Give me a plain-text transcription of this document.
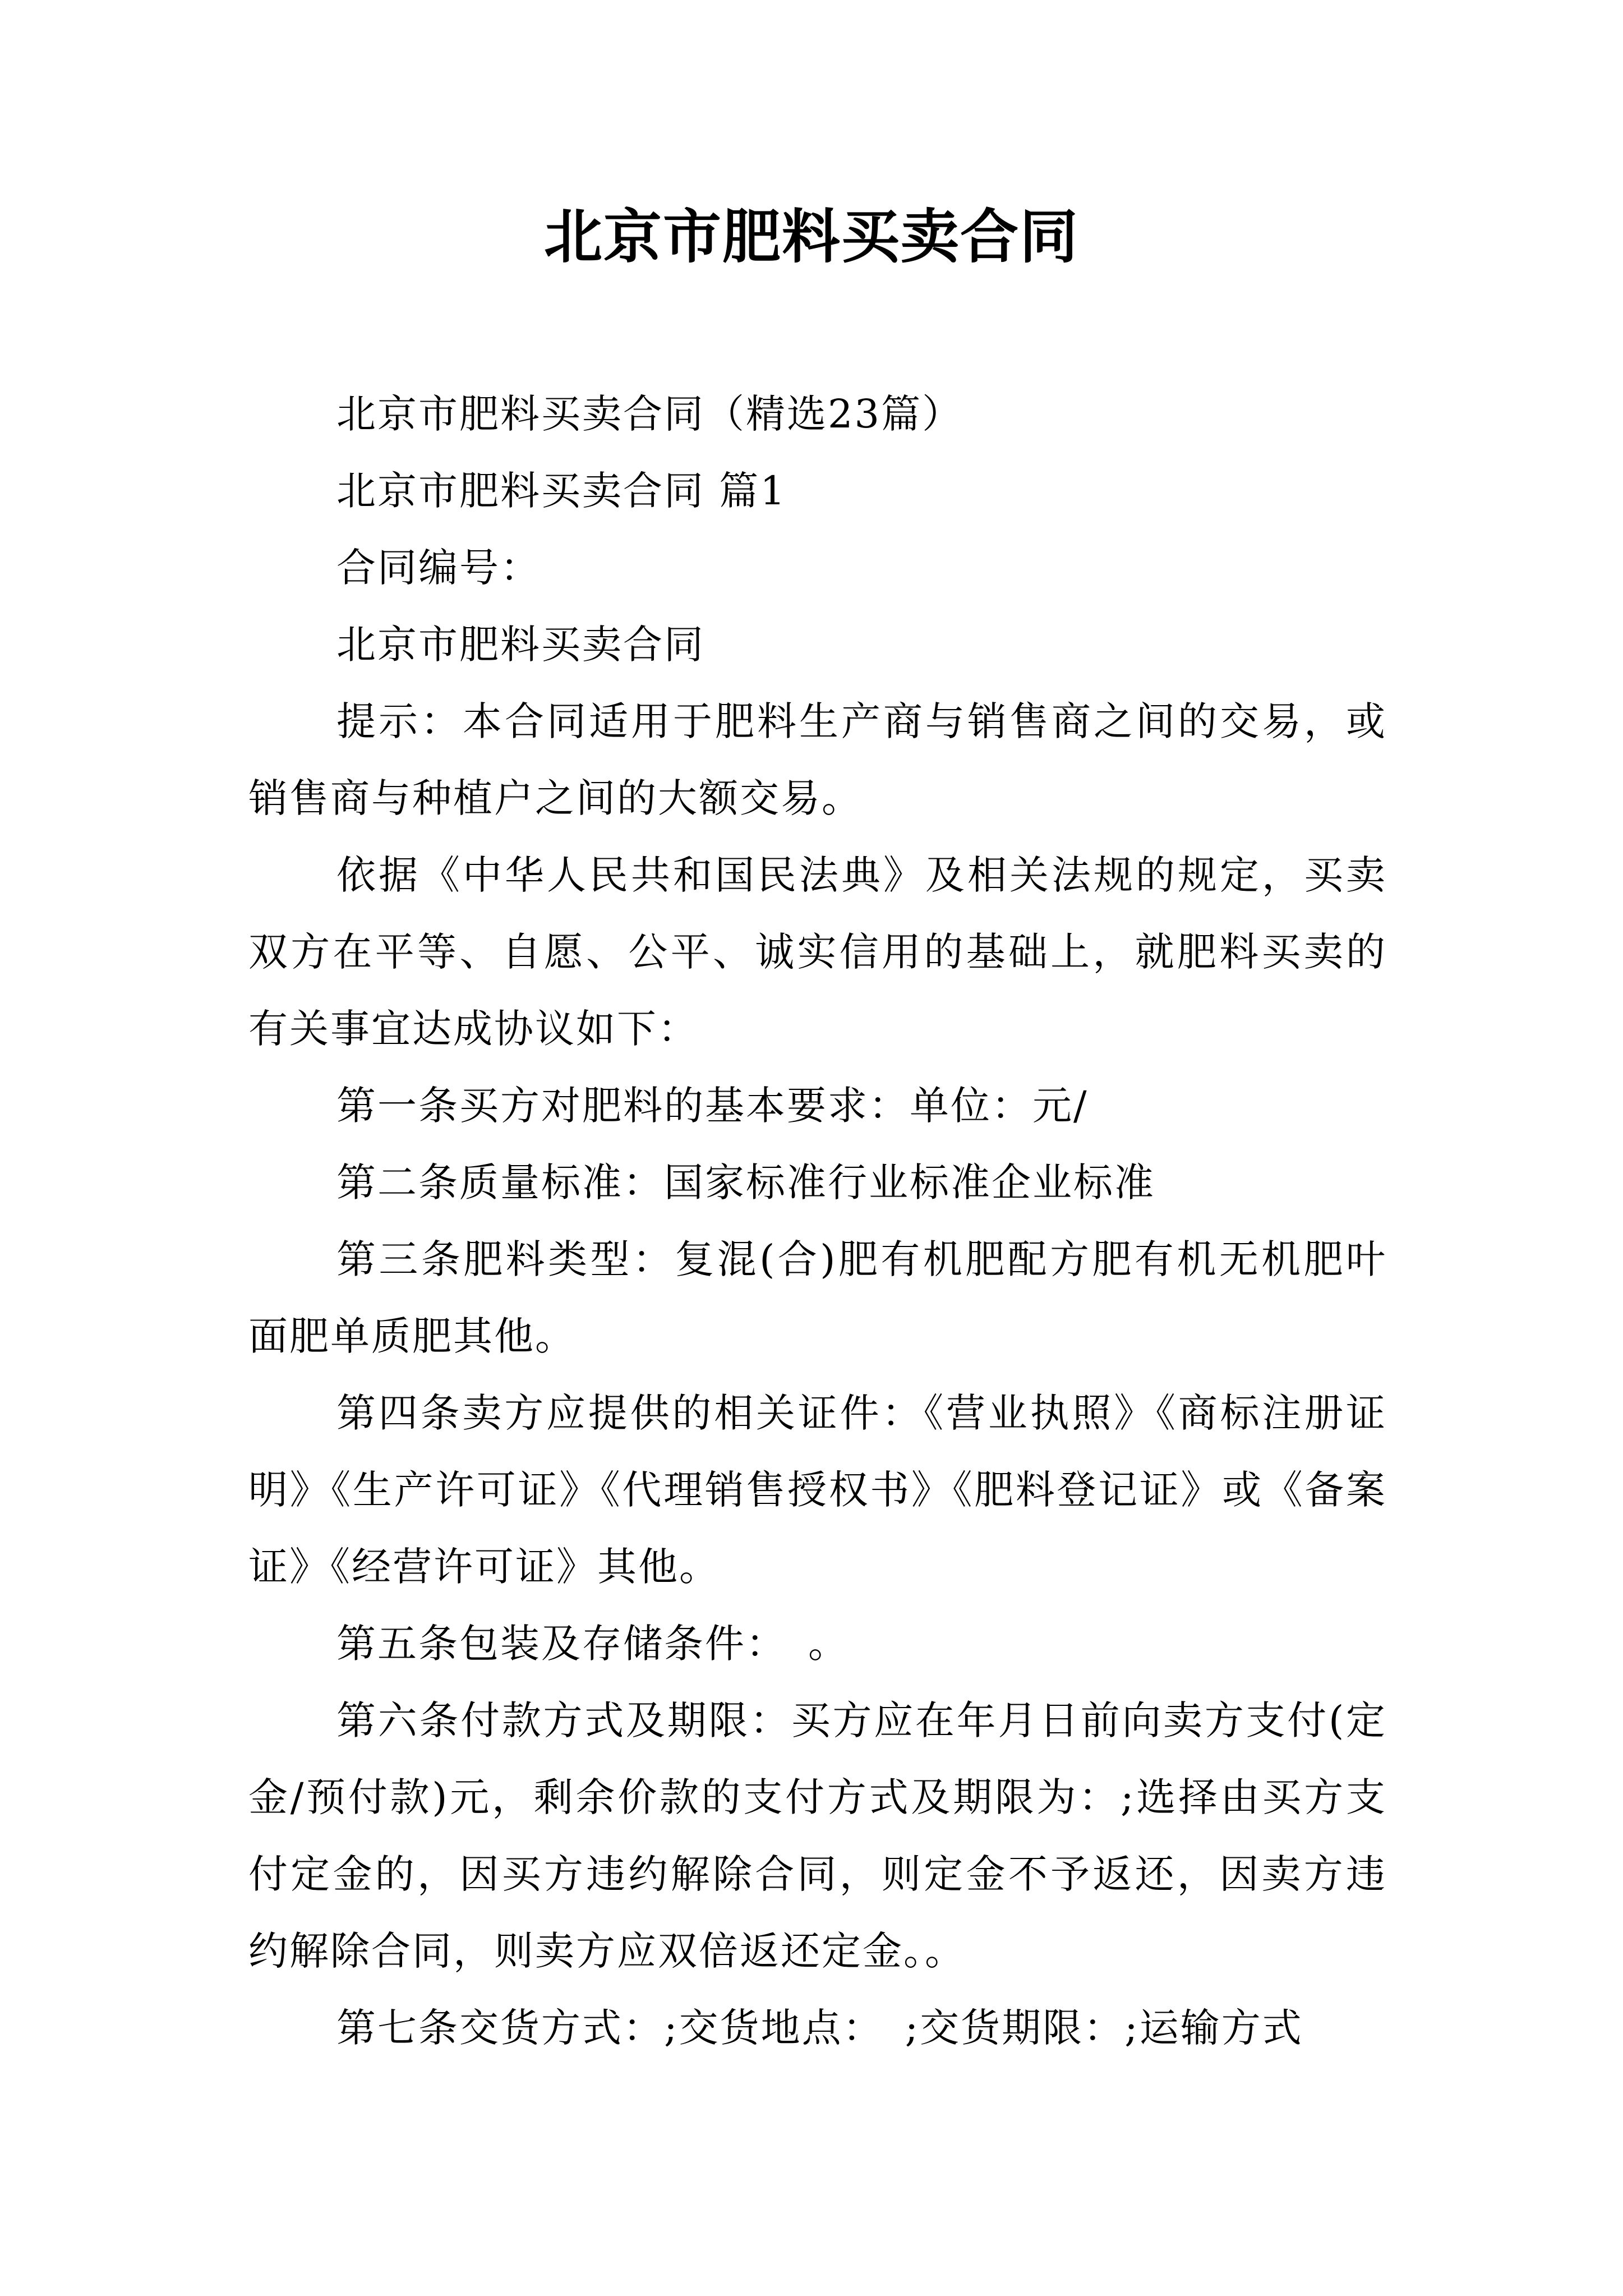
北京市肥料买卖合同

北京市肥料买卖合同（精选23篇）

北京市肥料买卖合同 篇1

合同编号：

北京市肥料买卖合同

提示：本合同适用于肥料生产商与销售商之间的交易，或销售商与种植户之间的大额交易。

依据《中华人民共和国民法典》及相关法规的规定，买卖双方在平等、自愿、公平、诚实信用的基础上，就肥料买卖的有关事宜达成协议如下：

第一条买方对肥料的基本要求：单位：元/

第二条质量标准：国家标准行业标准企业标准

第三条肥料类型：复混(合)肥有机肥配方肥有机无机肥叶面肥单质肥其他。

第四条卖方应提供的相关证件：《营业执照》《商标注册证明》《生产许可证》《代理销售授权书》《肥料登记证》或《备案证》《经营许可证》其他。

第五条包装及存储条件：　。

第六条付款方式及期限：买方应在年月日前向卖方支付(定金/预付款)元，剩余价款的支付方式及期限为：;选择由买方支付定金的，因买方违约解除合同，则定金不予返还，因卖方违约解除合同，则卖方应双倍返还定金。。

第七条交货方式：;交货地点：　;交货期限：;运输方式
